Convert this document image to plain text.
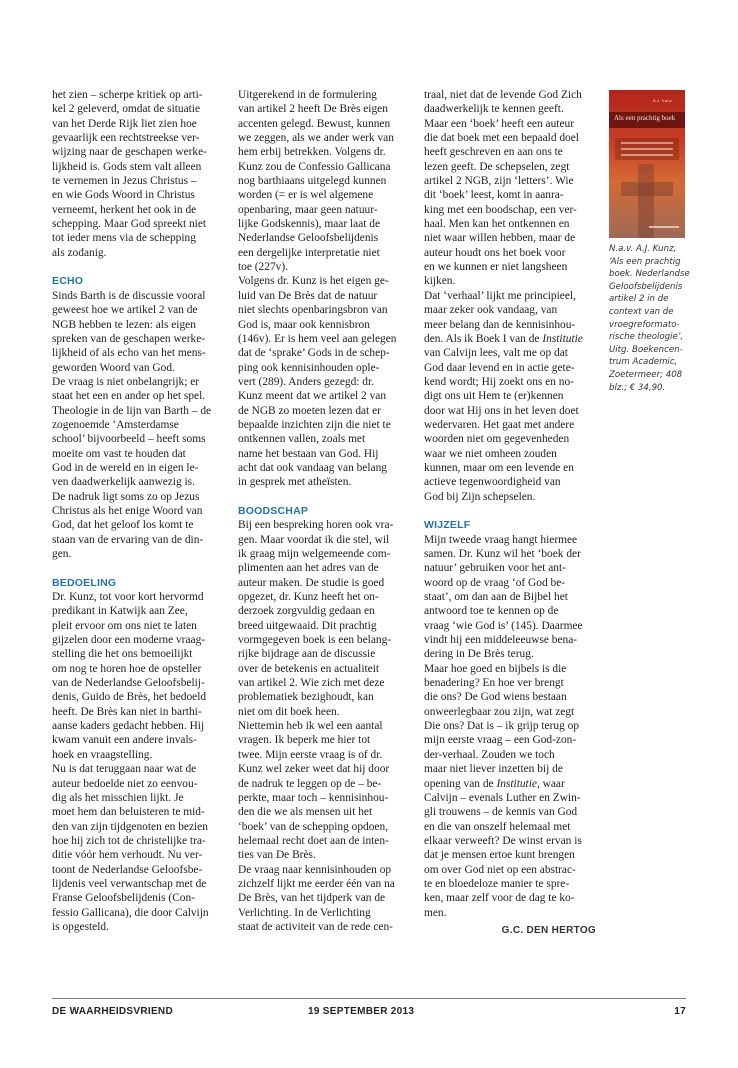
het zien – scherpe kritiek op arti-

kel 2 geleverd, omdat de situatie

van het Derde Rijk liet zien hoe

gevaarlijk een rechtstreekse ver-

wijzing naar de geschapen werke-

lijkheid is. Gods stem valt alleen

te vernemen in Jezus Christus –

en wie Gods Woord in Christus

verneemt, herkent het ook in de

schepping. Maar God spreekt niet

tot ieder mens via de schepping

als zodanig.

ECHO

Sinds Barth is de discussie vooral

geweest hoe we artikel 2 van de

NGB hebben te lezen: als eigen

spreken van de geschapen werke-

lijkheid of als echo van het mens-

geworden Woord van God.

De vraag is niet onbelangrijk; er

staat het een en ander op het spel.

Theologie in de lijn van Barth – de

zogenoemde ‘Amsterdamse

school’ bijvoorbeeld – heeft soms

moeite om vast te houden dat

God in de wereld en in eigen le-

ven daadwerkelijk aanwezig is.

De nadruk ligt soms zo op Jezus

Christus als het enige Woord van

God, dat het geloof los komt te

staan van de ervaring van de din-

gen.

BEDOELING

Dr. Kunz, tot voor kort hervormd

predikant in Katwijk aan Zee,

pleit ervoor om ons niet te laten

gijzelen door een moderne vraag-

stelling die het ons bemoeilijkt

om nog te horen hoe de opsteller

van de Nederlandse Geloofsbelij-

denis, Guido de Brès, het bedoeld

heeft. De Brès kan niet in barthi-

aanse kaders gedacht hebben. Hij

kwam vanuit een andere invals-

hoek en vraagstelling.

Nu is dat teruggaan naar wat de

auteur bedoelde niet zo eenvou-

dig als het misschien lijkt. Je

moet hem dan beluisteren te mid-

den van zijn tijdgenoten en bezien

hoe hij zich tot de christelijke tra-

ditie vóór hem verhoudt. Nu ver-

toont de Nederlandse Geloofsbe-

lijdenis veel verwantschap met de

Franse Geloofsbelijdenis (Con-

fessio Gallicana), die door Calvijn

is opgesteld.

Uitgerekend in de formulering

van artikel 2 heeft De Brès eigen

accenten gelegd. Bewust, kunnen

we zeggen, als we ander werk van

hem erbij betrekken. Volgens dr.

Kunz zou de Confessio Gallicana

nog barthiaans uitgelegd kunnen

worden (= er is wel algemene

openbaring, maar geen natuur-

lijke Godskennis), maar laat de

Nederlandse Geloofsbelijdenis

een dergelijke interpretatie niet

toe (227v).

Volgens dr. Kunz is het eigen ge-

luid van De Brès dat de natuur

niet slechts openbaringsbron van

God is, maar ook kennisbron

(146v). Er is hem veel aan gelegen

dat de ‘sprake’ Gods in de schep-

ping ook kennisinhouden ople-

vert (289). Anders gezegd: dr.

Kunz meent dat we artikel 2 van

de NGB zo moeten lezen dat er

bepaalde inzichten zijn die niet te

ontkennen vallen, zoals met

name het bestaan van God. Hij

acht dat ook vandaag van belang

in gesprek met atheïsten.

BOODSCHAP

Bij een bespreking horen ook vra-

gen. Maar voordat ik die stel, wil

ik graag mijn welgemeende com-

plimenten aan het adres van de

auteur maken. De studie is goed

opgezet, dr. Kunz heeft het on-

derzoek zorgvuldig gedaan en

breed uitgewaaid. Dit prachtig

vormgegeven boek is een belang-

rijke bijdrage aan de discussie

over de betekenis en actualiteit

van artikel 2. Wie zich met deze

problematiek bezighoudt, kan

niet om dit boek heen.

Niettemin heb ik wel een aantal

vragen. Ik beperk me hier tot

twee. Mijn eerste vraag is of dr.

Kunz wel zeker weet dat hij door

de nadruk te leggen op de – be-

perkte, maar toch – kennisinhou-

den die we als mensen uit het

‘boek’ van de schepping opdoen,

helemaal recht doet aan de inten-

ties van De Brès.

De vraag naar kennisinhouden op

zichzelf lijkt me eerder één van na

De Brès, van het tijdperk van de

Verlichting. In de Verlichting

staat de activiteit van de rede cen-

traal, niet dat de levende God Zich

daadwerkelijk te kennen geeft.

Maar een ‘boek’ heeft een auteur

die dat boek met een bepaald doel

heeft geschreven en aan ons te

lezen geeft. De schepselen, zegt

artikel 2 NGB, zijn ‘letters’. Wie

dit ‘boek’ leest, komt in aanra-

king met een boodschap, een ver-

haal. Men kan het ontkennen en

niet waar willen hebben, maar de

auteur houdt ons het boek voor

en we kunnen er niet langsheen

kijken.

Dat ‘verhaal’ lijkt me principieel,

maar zeker ook vandaag, van

meer belang dan de kennisinhou-

den. Als ik Boek I van de Institutie

van Calvijn lees, valt me op dat

God daar levend en in actie gete-

kend wordt; Hij zoekt ons en no-

digt ons uit Hem te (er)kennen

door wat Hij ons in het leven doet

wedervaren. Het gaat met andere

woorden niet om gegevenheden

waar we niet omheen zouden

kunnen, maar om een levende en

actieve tegenwoordigheid van

God bij Zijn schepselen.

WIJZELF

Mijn tweede vraag hangt hiermee

samen. Dr. Kunz wil het ‘boek der

natuur’ gebruiken voor het ant-

woord op de vraag ‘of God be-

staat’, om dan aan de Bijbel het

antwoord toe te kennen op de

vraag ‘wie God is’ (145). Daarmee

vindt hij een middeleeuwse bena-

dering in De Brès terug.

Maar hoe goed en bijbels is die

benadering? En hoe ver brengt

die ons? De God wiens bestaan

onweerlegbaar zou zijn, wat zegt

Die ons? Dat is – ik grijp terug op

mijn eerste vraag – een God-zon-

der-verhaal. Zouden we toch

maar niet liever inzetten bij de

opening van de Institutie, waar

Calvijn – evenals Luther en Zwin-

gli trouwens – de kennis van God

en die van onszelf helemaal met

elkaar verweeft? De winst ervan is

dat je mensen ertoe kunt brengen

om over God niet op een abstrac-

te en bloedeloze manier te spre-

ken, maar zelf voor de dag te ko-

men.

G.C. DEN HERTOG
A.J. Kunz
Als een prachtig boek

N.a.v. A.J. Kunz,

‘Als een prachtig

boek. Nederlandse

Geloofsbelijdenis

artikel 2 in de

context van de

vroegreformato-

rische theologie’,

Uitg. Boekencen-

trum Academic,

Zoetermeer; 408

blz.; € 34,90.

DE WAARHEIDSVRIEND	19 SEPTEMBER 2013	17
